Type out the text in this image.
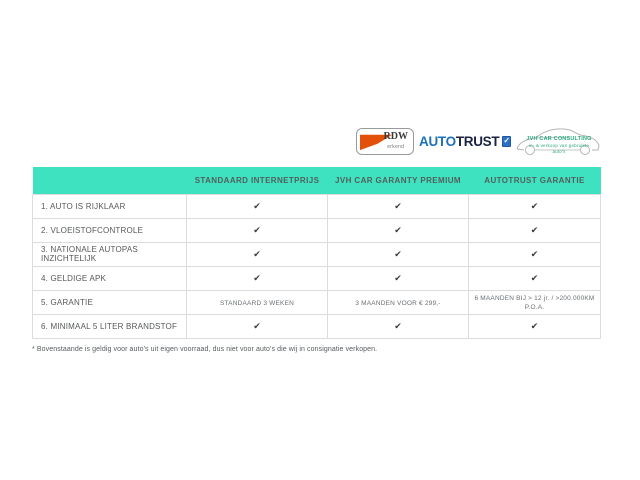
RDW
erkend AUTO TRUST ✓	JVH CAR CONSULTING
in- & verkoop van gebruikte auto's
	STANDAARD INTERNETPRIJS	JVH CAR GARANTY PREMIUM	AUTOTRUST GARANTIE
1. AUTO IS RIJKLAAR	✔	✔	✔
2. VLOEISTOFCONTROLE	✔	✔	✔
3. NATIONALE AUTOPAS INZICHTELIJK	✔	✔	✔
4. GELDIGE APK	✔	✔	✔
5. GARANTIE	STANDAARD 3 WEKEN	3 MAANDEN VOOR € 299,-	6 MAANDEN BIJ > 12 jr. / >200.000KM P.O.A.
6. MINIMAAL 5 LITER BRANDSTOF	✔	✔	✔
* Bovenstaande is geldig voor auto's uit eigen voorraad, dus niet voor auto's die wij in consignatie verkopen.
